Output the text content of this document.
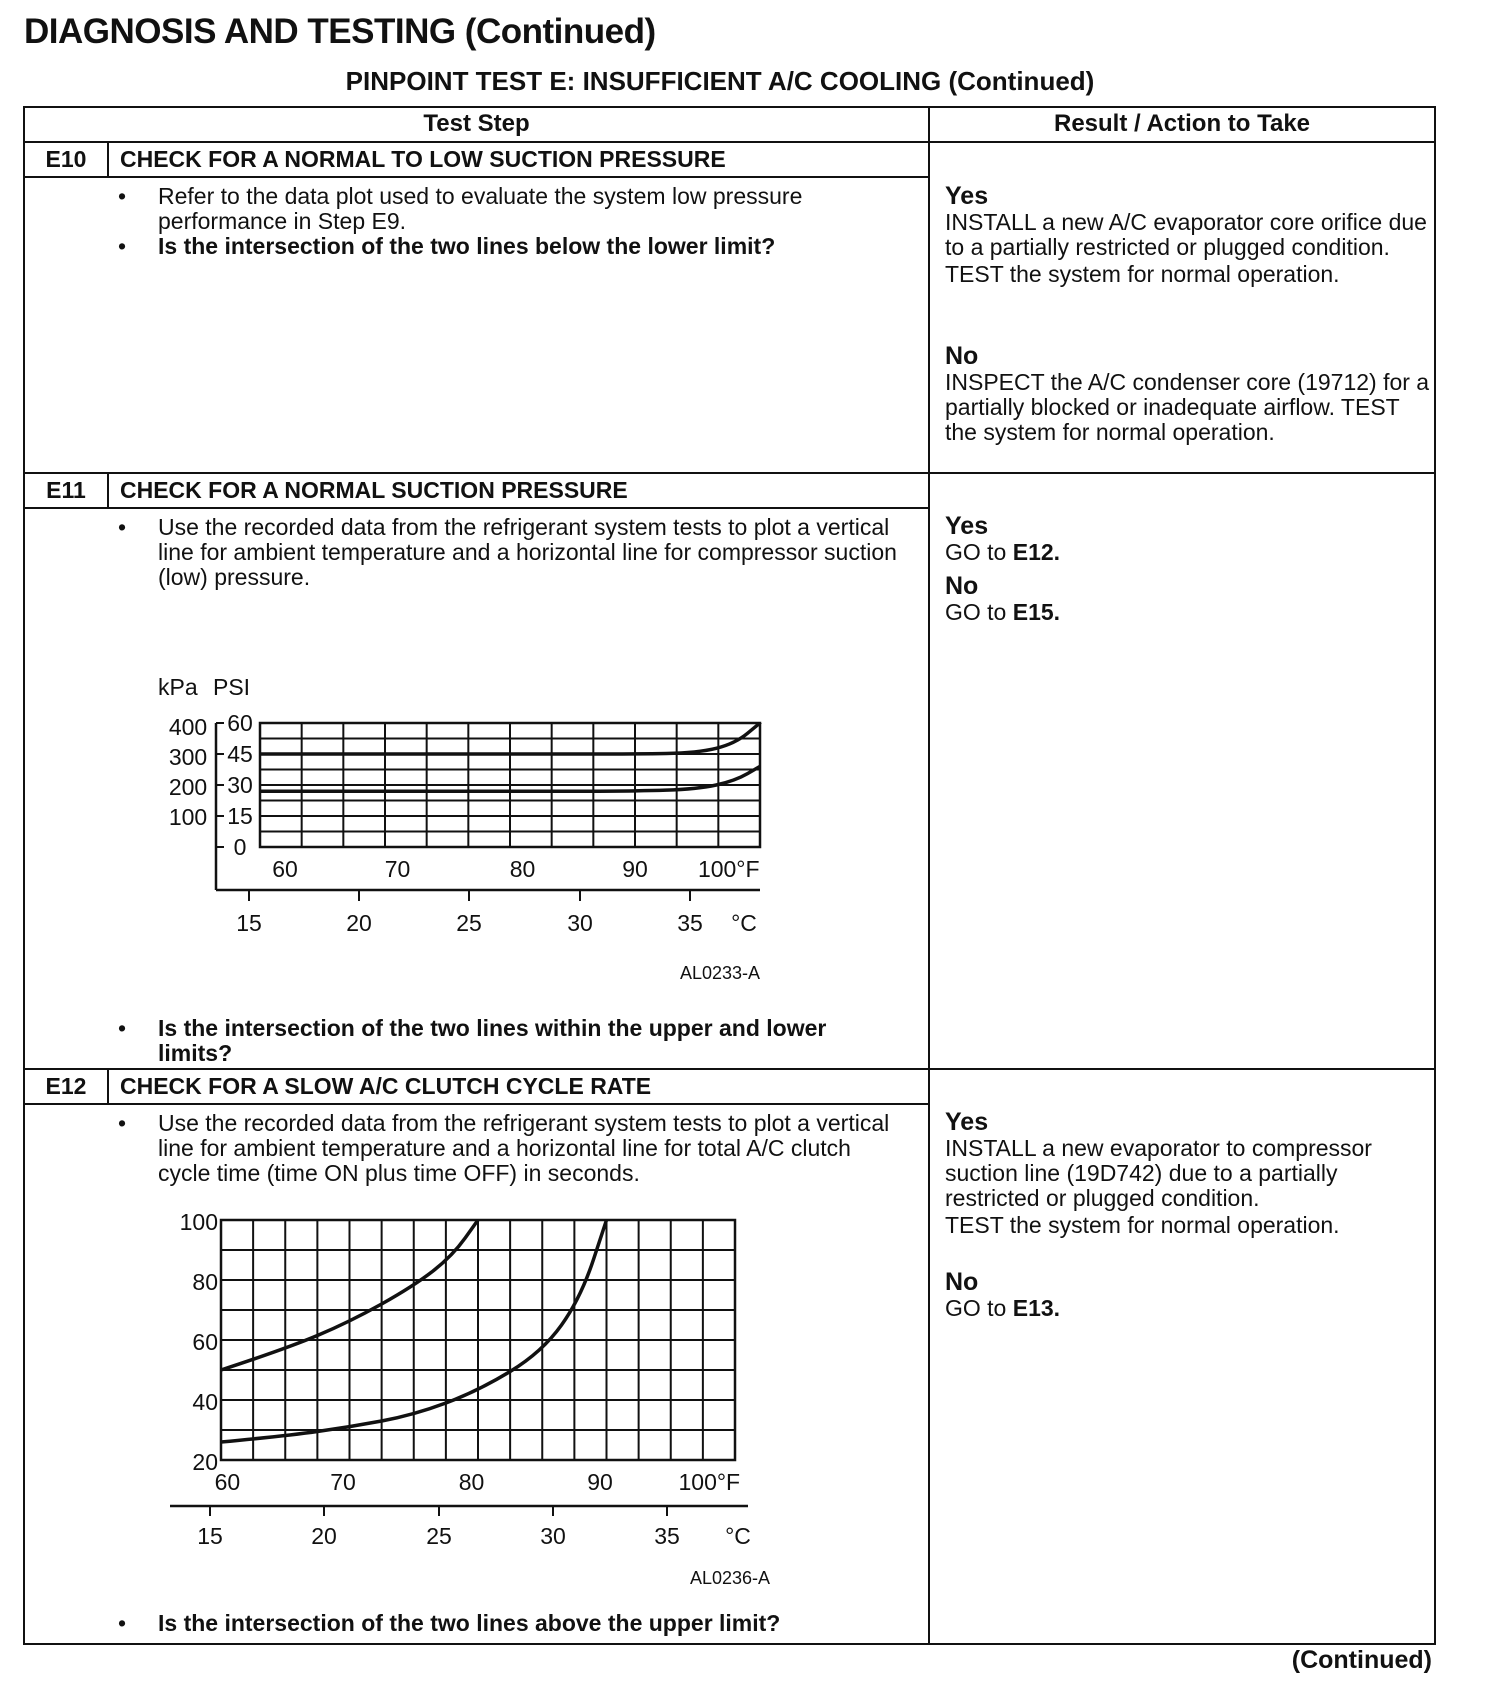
DIAGNOSIS AND TESTING (Continued)
PINPOINT TEST E: INSUFFICIENT A/C COOLING (Continued)
Test Step	Result / Action to Take
E10	CHECK FOR A NORMAL TO LOW SUCTION PRESSURE
• Refer to the data plot used to evaluate the system low pressure performance in Step E9.
• Is the intersection of the two lines below the lower limit?
Yes
INSTALL a new A/C evaporator core orifice due to a partially restricted or plugged condition.
TEST the system for normal operation.
No
INSPECT the A/C condenser core (19712) for a partially blocked or inadequate airflow. TEST the system for normal operation.
E11	CHECK FOR A NORMAL SUCTION PRESSURE
• Use the recorded data from the refrigerant system tests to plot a vertical line for ambient temperature and a horizontal line for compressor suction (low) pressure.
• Is the intersection of the two lines within the upper and lower limits?
Yes
GO to E12.
No
GO to E15.
kPa PSI
60
45
30
15
0
400
300
200
100
60	70	80	90 100°F
15	20	25	30	35 °C
AL0233-A
E12	CHECK FOR A SLOW A/C CLUTCH CYCLE RATE
• Use the recorded data from the refrigerant system tests to plot a vertical line for ambient temperature and a horizontal line for total A/C clutch cycle time (time ON plus time OFF) in seconds.
• Is the intersection of the two lines above the upper limit?
Yes
INSTALL a new evaporator to compressor suction line (19D742) due to a partially restricted or plugged condition.
TEST the system for normal operation.
No
GO to E13.
100
80
60
40
20
60	70	80	90	100°F
15	20	25	30	35 °C
AL0236-A
(Continued)
